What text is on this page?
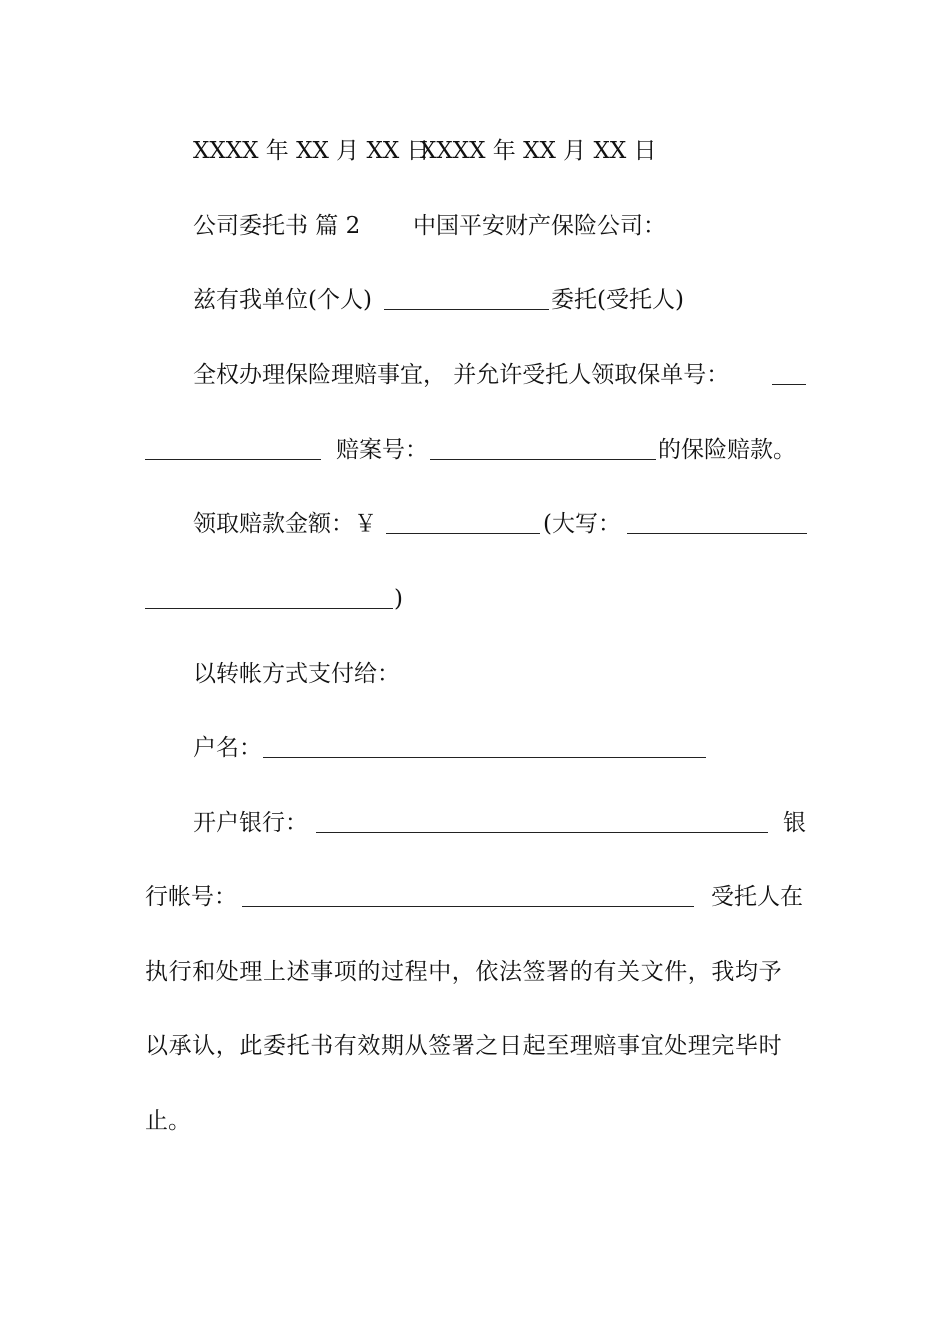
XXXX 年 XX 月 XX 日
XXXX 年 XX 月 XX 日
公司委托书 篇 2 中国平安财产保险公司：
兹有我单位(个人)	委托(受托人)
全权办理保险理赔事宜， 并允许受托人领取保单号：
赔案号：	的保险赔款。
领取赔款金额：￥	(大写：
)
以转帐方式支付给：
户名：
开户银行：	银
行帐号：	受托人在
执行和处理上述事项的过程中，依法签署的有关文件，我均予
以承认，此委托书有效期从签署之日起至理赔事宜处理完毕时
止。
